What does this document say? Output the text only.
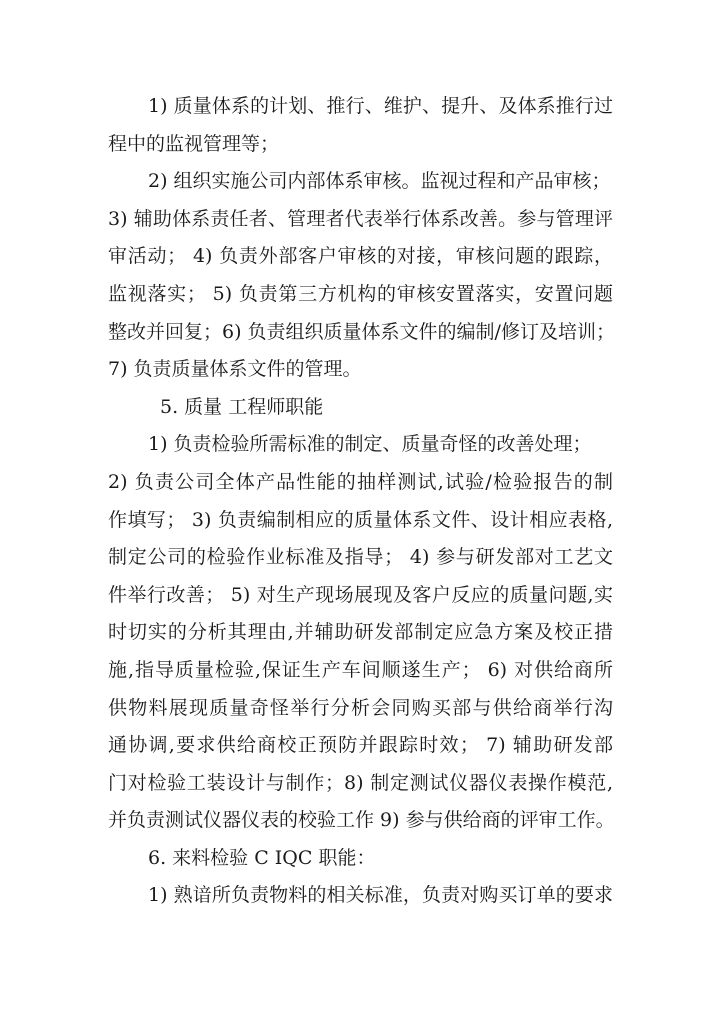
1) 质量体系的计划、推行、维护、提升、及体系推行过
程中的监视管理等；
2) 组织实施公司内部体系审核。监视过程和产品审核；
3) 辅助体系责任者、管理者代表举行体系改善。参与管理评
审活动； 4) 负责外部客户审核的对接，审核问题的跟踪，
监视落实； 5) 负责第三方机构的审核安置落实，安置问题
整改并回复；6) 负责组织质量体系文件的编制/修订及培训；
7) 负责质量体系文件的管理。
5. 质量 工程师职能
1) 负责检验所需标准的制定、质量奇怪的改善处理；
2) 负责公司全体产品性能的抽样测试,试验/检验报告的制
作填写； 3) 负责编制相应的质量体系文件、设计相应表格,
制定公司的检验作业标准及指导； 4) 参与研发部对工艺文
件举行改善； 5) 对生产现场展现及客户反应的质量问题,实
时切实的分析其理由,并辅助研发部制定应急方案及校正措
施,指导质量检验,保证生产车间顺遂生产； 6) 对供给商所
供物料展现质量奇怪举行分析会同购买部与供给商举行沟
通协调,要求供给商校正预防并跟踪时效； 7) 辅助研发部
门对检验工装设计与制作；8) 制定测试仪器仪表操作模范,
并负责测试仪器仪表的校验工作 9) 参与供给商的评审工作。
6. 来料检验 C IQC 职能：
1) 熟谙所负责物料的相关标准，负责对购买订单的要求
